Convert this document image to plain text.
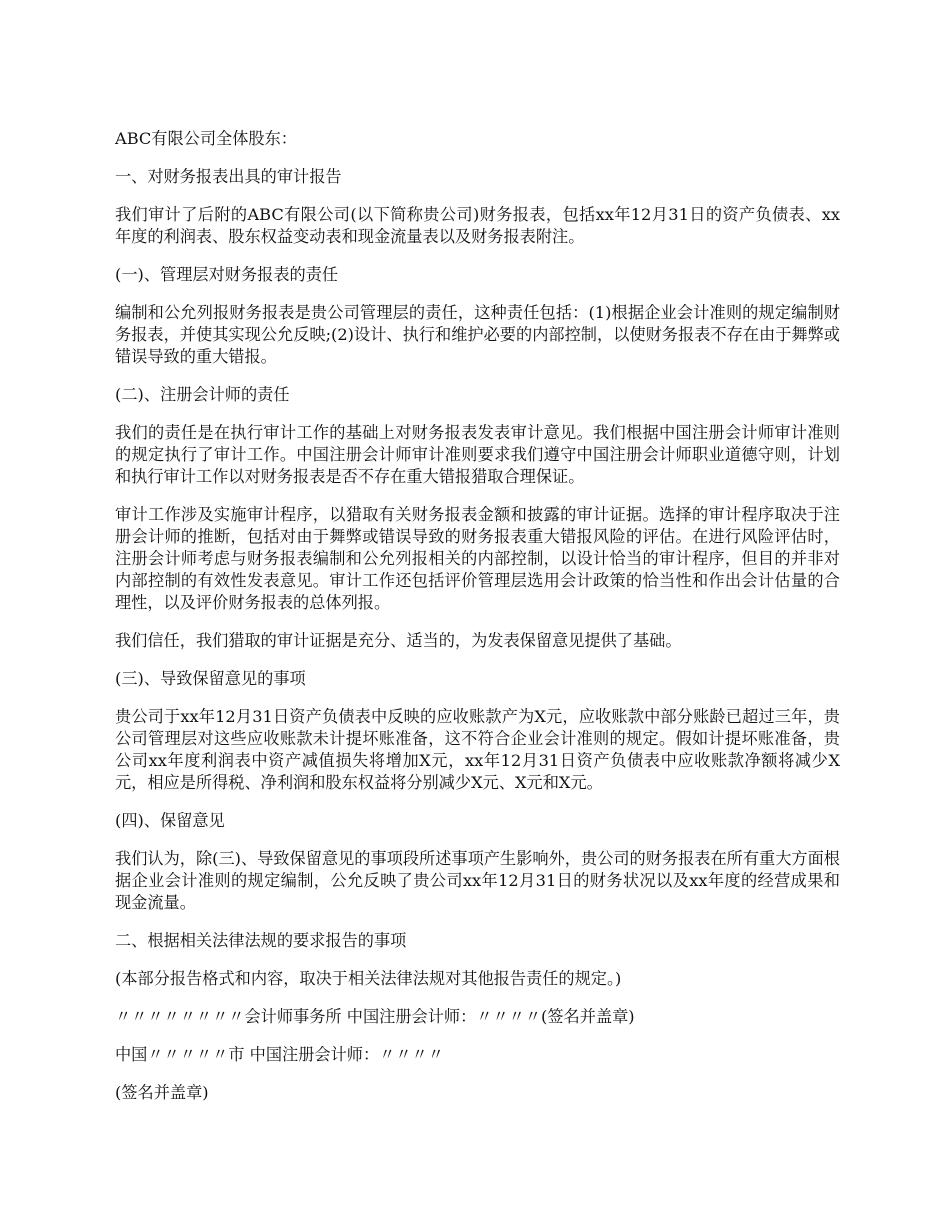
ABC有限公司全体股东：

一、对财务报表出具的审计报告

我们审计了后附的ABC有限公司(以下简称贵公司)财务报表，包括xx年12月31日的资产负债表、xx年度的利润表、股东权益变动表和现金流量表以及财务报表附注。

(一)、管理层对财务报表的责任

编制和公允列报财务报表是贵公司管理层的责任，这种责任包括：(1)根据企业会计准则的规定编制财务报表，并使其实现公允反映;(2)设计、执行和维护必要的内部控制，以使财务报表不存在由于舞弊或错误导致的重大错报。

(二)、注册会计师的责任

我们的责任是在执行审计工作的基础上对财务报表发表审计意见。我们根据中国注册会计师审计准则的规定执行了审计工作。中国注册会计师审计准则要求我们遵守中国注册会计师职业道德守则，计划和执行审计工作以对财务报表是否不存在重大错报猎取合理保证。

审计工作涉及实施审计程序，以猎取有关财务报表金额和披露的审计证据。选择的审计程序取决于注册会计师的推断，包括对由于舞弊或错误导致的财务报表重大错报风险的评估。在进行风险评估时，注册会计师考虑与财务报表编制和公允列报相关的内部控制，以设计恰当的审计程序，但目的并非对内部控制的有效性发表意见。审计工作还包括评价管理层选用会计政策的恰当性和作出会计估量的合理性，以及评价财务报表的总体列报。

我们信任，我们猎取的审计证据是充分、适当的，为发表保留意见提供了基础。

(三)、导致保留意见的事项

贵公司于xx年12月31日资产负债表中反映的应收账款产为X元，应收账款中部分账龄已超过三年，贵公司管理层对这些应收账款未计提坏账准备，这不符合企业会计准则的规定。假如计提坏账准备，贵公司xx年度利润表中资产减值损失将增加X元，xx年12月31日资产负债表中应收账款净额将减少X元，相应是所得税、净利润和股东权益将分别减少X元、X元和X元。

(四)、保留意见

我们认为，除(三)、导致保留意见的事项段所述事项产生影响外，贵公司的财务报表在所有重大方面根据企业会计准则的规定编制，公允反映了贵公司xx年12月31日的财务状况以及xx年度的经营成果和现金流量。

二、根据相关法律法规的要求报告的事项

(本部分报告格式和内容，取决于相关法律法规对其他报告责任的规定。)

〃〃〃〃〃〃〃〃会计师事务所 中国注册会计师：〃〃〃〃(签名并盖章)

中国〃〃〃〃〃市 中国注册会计师：〃〃〃〃

(签名并盖章)
